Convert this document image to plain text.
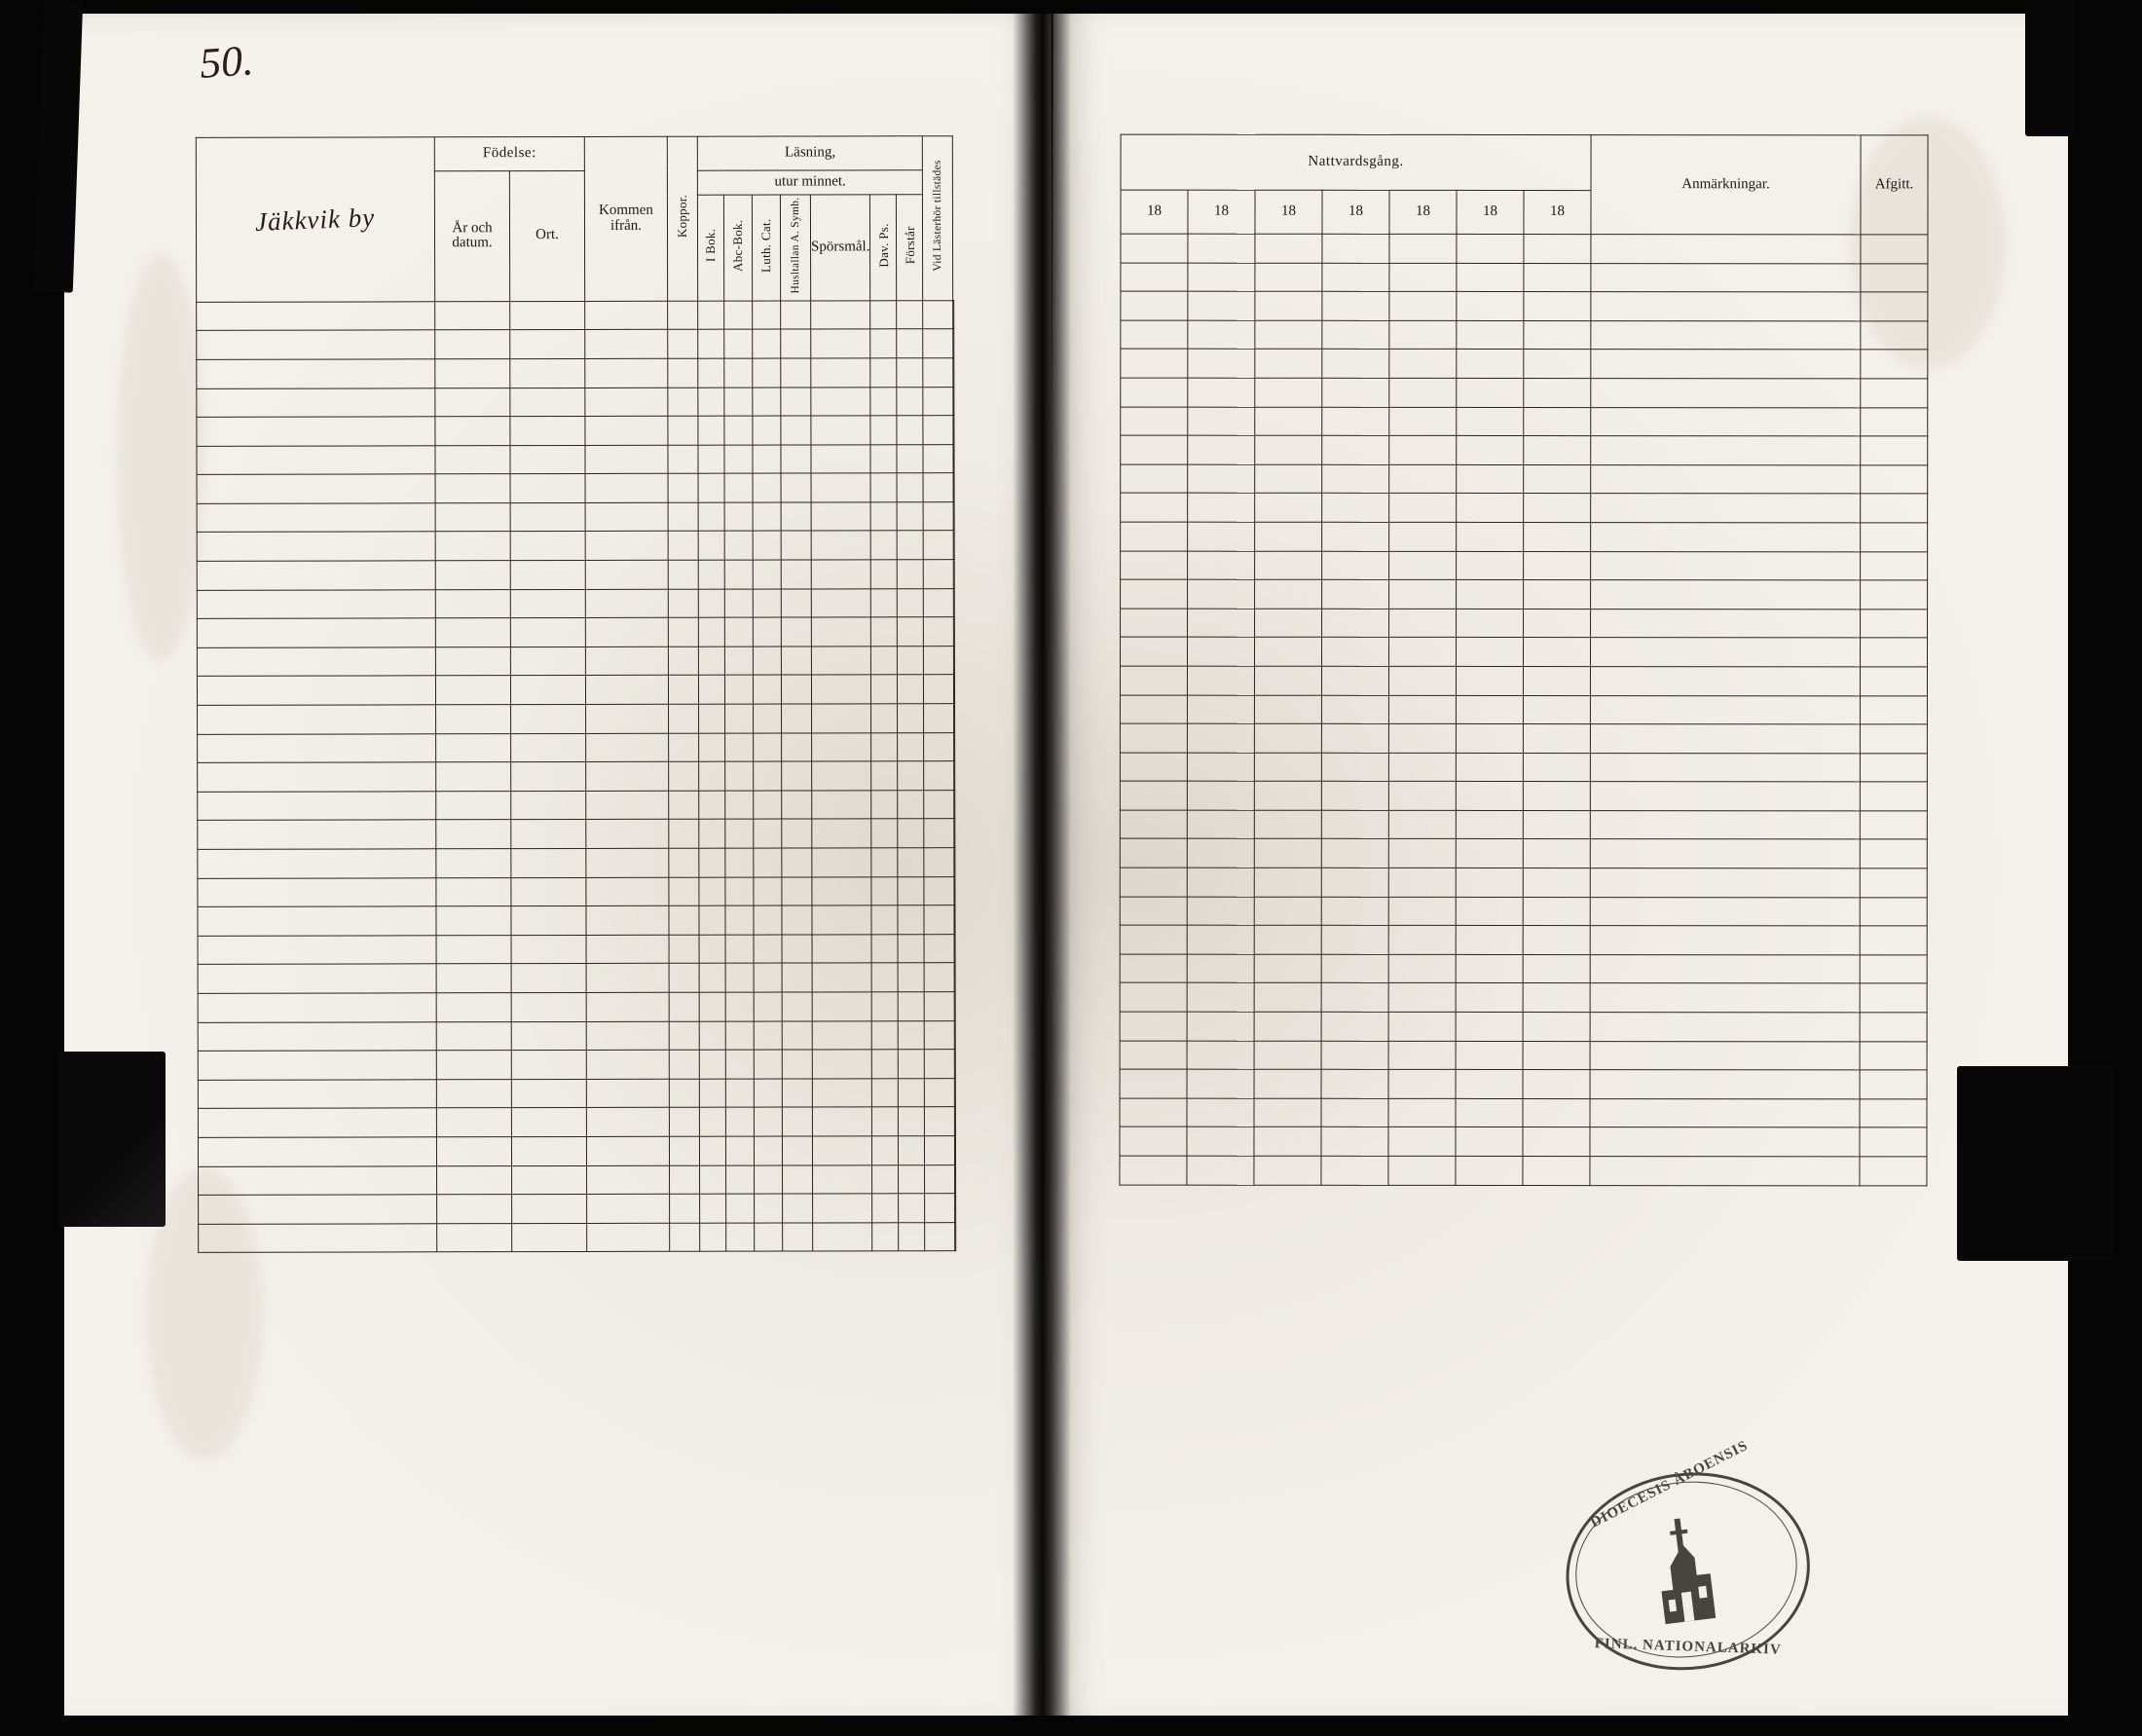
50.
Jäkkvik by	Födelse:		Kommen ifrån.	Koppor.	Läsning,							Vid Lästerhör tillstädes	
	År och datum.	Ort.			utur minnet.								
					I Bok.	Abc-Bok.	Luth. Cat.	Husltallan A. Symb.	Spörsmål.	Dav. Ps.	Förstår		

Nattvardsgång.							Anmärkningar.	Afgitt.
18	18	18	18	18	18	18		

DIOECESIS ÅBOENSIS
FINL. NATIONALARKIV
